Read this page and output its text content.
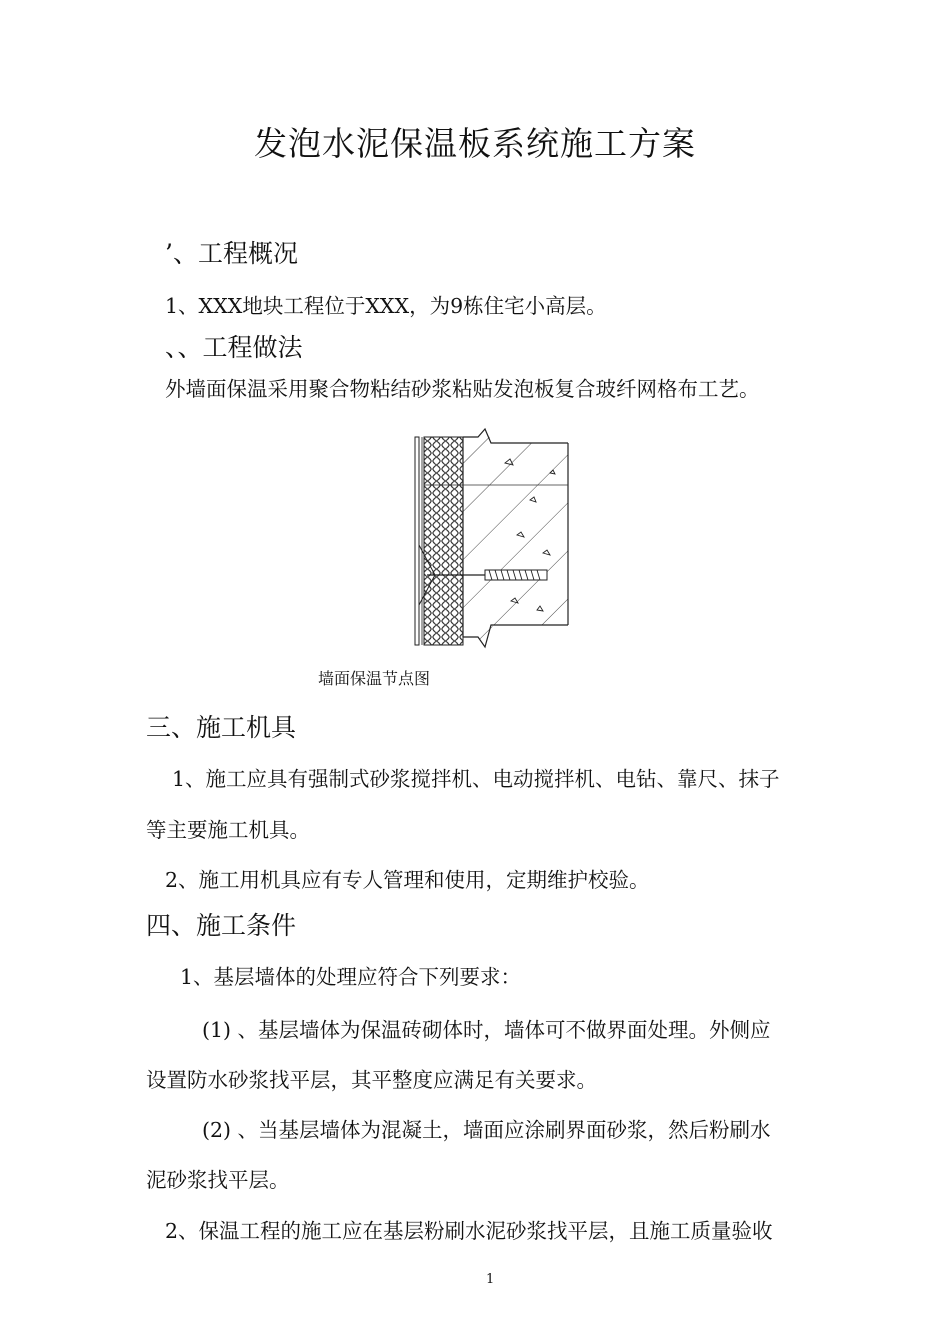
发泡水泥保温板系统施工方案
’、工程概况
1、XXX地块工程位于XXX，为9栋住宅小高层。
、、工程做法
外墙面保温采用聚合物粘结砂浆粘贴发泡板复合玻纤网格布工艺。
墙面保温节点图
三、施工机具
1、施工应具有强制式砂浆搅拌机、电动搅拌机、电钻、靠尺、抹子
等主要施工机具。
2、施工用机具应有专人管理和使用，定期维护校验。
四、施工条件
1、基层墙体的处理应符合下列要求：
(1) 、基层墙体为保温砖砌体时，墙体可不做界面处理。外侧应
设置防水砂浆找平层，其平整度应满足有关要求。
(2) 、当基层墙体为混凝土，墙面应涂刷界面砂浆，然后粉刷水
泥砂浆找平层。
2、保温工程的施工应在基层粉刷水泥砂浆找平层，且施工质量验收
1
